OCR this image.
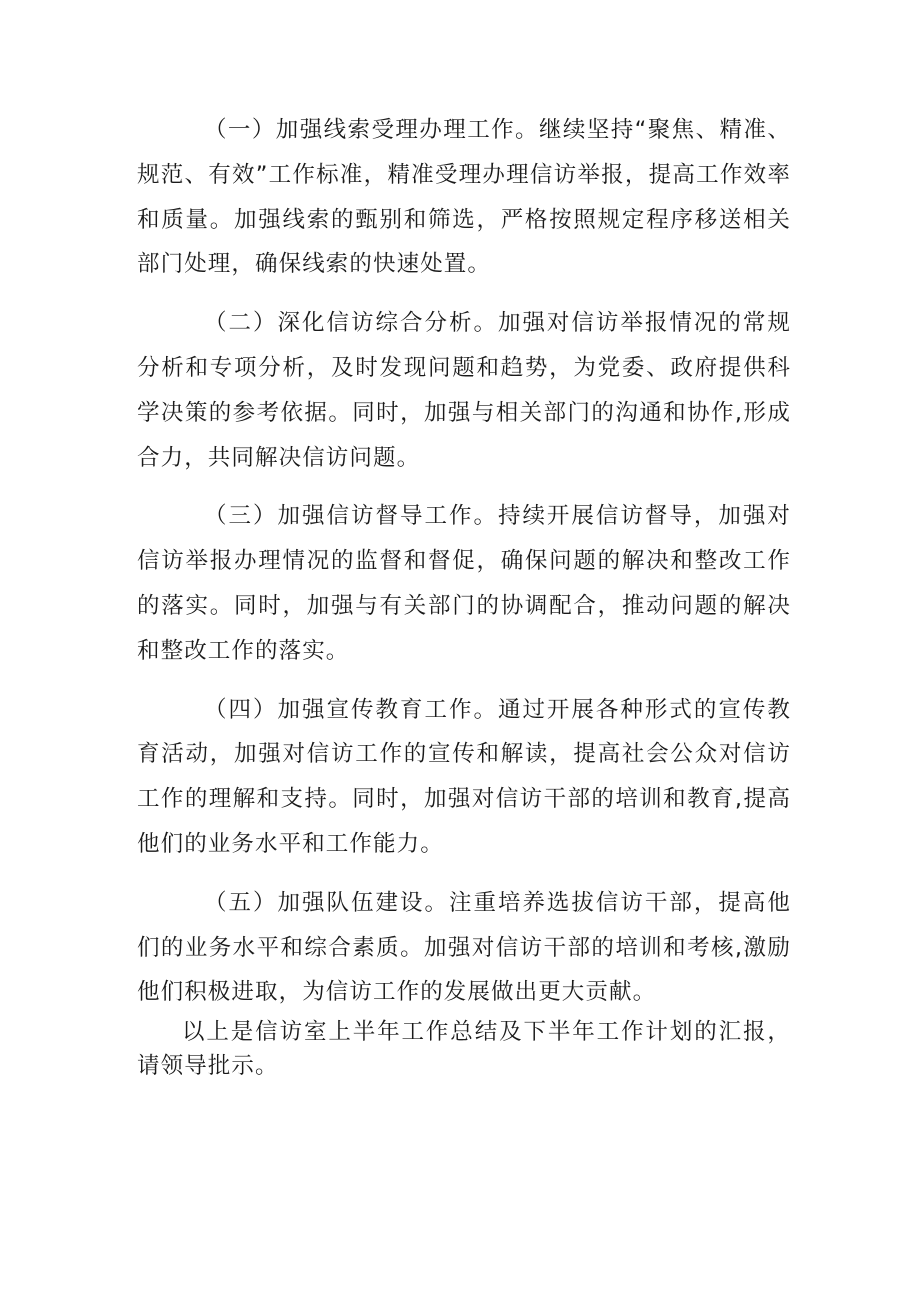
（一）加强线索受理办理工作。继续坚持“聚焦、精准、规范、有效”工作标准，精准受理办理信访举报，提高工作效率和质量。加强线索的甄别和筛选，严格按照规定程序移送相关部门处理，确保线索的快速处置。

（二）深化信访综合分析。加强对信访举报情况的常规分析和专项分析，及时发现问题和趋势，为党委、政府提供科学决策的参考依据。同时，加强与相关部门的沟通和协作,形成合力，共同解决信访问题。

（三）加强信访督导工作。持续开展信访督导，加强对信访举报办理情况的监督和督促，确保问题的解决和整改工作的落实。同时，加强与有关部门的协调配合，推动问题的解决和整改工作的落实。

（四）加强宣传教育工作。通过开展各种形式的宣传教育活动，加强对信访工作的宣传和解读，提高社会公众对信访工作的理解和支持。同时，加强对信访干部的培训和教育,提高他们的业务水平和工作能力。

（五）加强队伍建设。注重培养选拔信访干部，提高他们的业务水平和综合素质。加强对信访干部的培训和考核,激励他们积极进取，为信访工作的发展做出更大贡献。

以上是信访室上半年工作总结及下半年工作计划的汇报，请领导批示。
